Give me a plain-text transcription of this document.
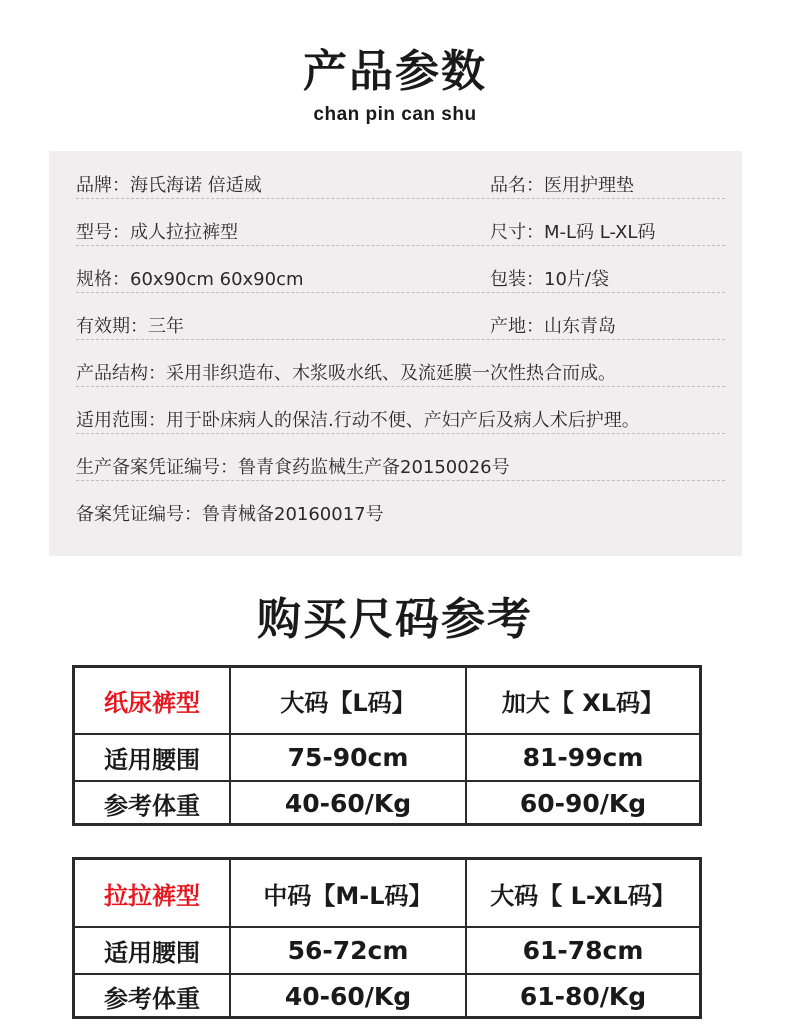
产品参数
chan pin can shu
品牌：海氏海诺 倍适威	品名：医用护理垫
型号：成人拉拉裤型	尺寸：M-L码 L-XL码
规格：60x90cm 60x90cm	包装：10片/袋
有效期：三年	产地：山东青岛
产品结构：采用非织造布、木浆吸水纸、及流延膜一次性热合而成。
适用范围：用于卧床病人的保洁.行动不便、产妇产后及病人术后护理。
生产备案凭证编号：鲁青食药监械生产备20150026号
备案凭证编号：鲁青械备20160017号
购买尺码参考
纸尿裤型	大码【L码】	加大【 XL码】
适用腰围	75-90cm	81-99cm
参考体重	40-60/Kg	60-90/Kg
拉拉裤型	中码【M-L码】	大码【 L-XL码】
适用腰围	56-72cm	61-78cm
参考体重	40-60/Kg	61-80/Kg
